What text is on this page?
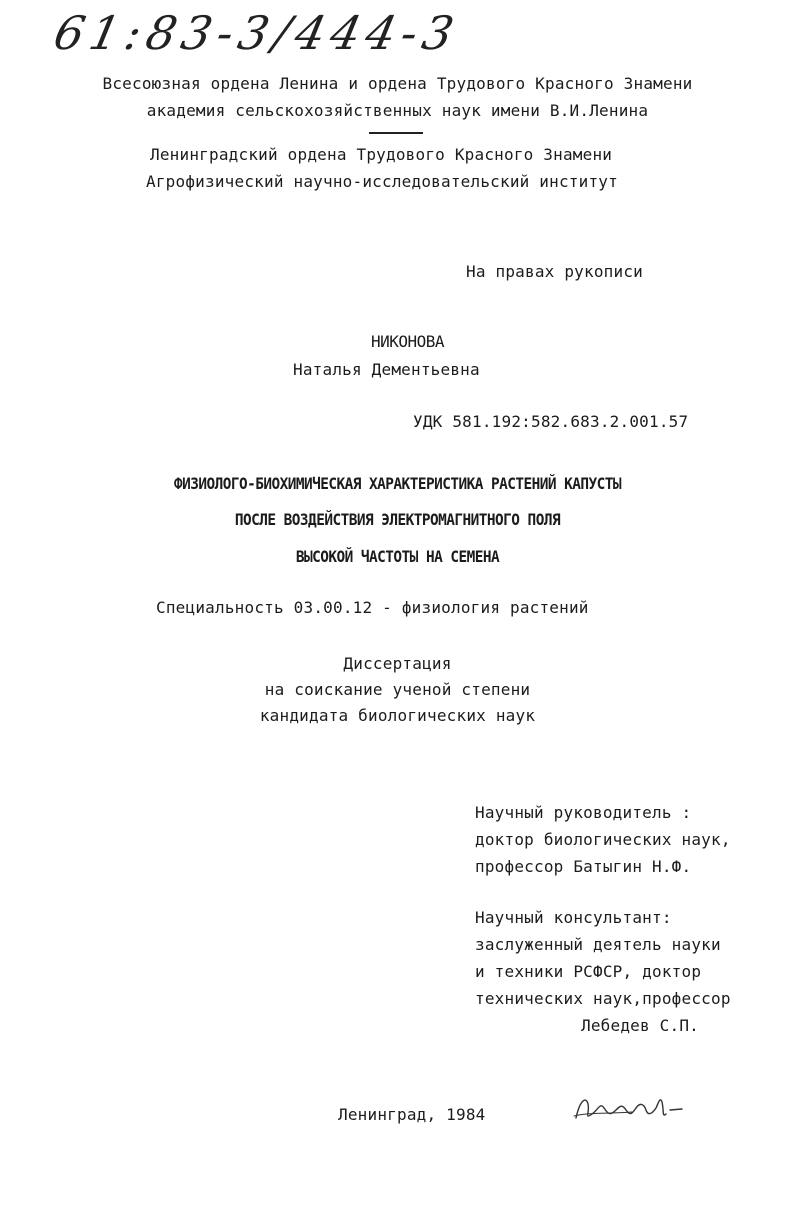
61:83-3/444-3
Всесоюзная ордена Ленина и ордена Трудового Красного Знамени
академия сельскохозяйственных наук имени В.И.Ленина
Ленинградский ордена Трудового Красного Знамени
Агрофизический научно-исследовательский институт
На правах рукописи
НИКОНОВА
Наталья Дементьевна
УДК 581.192:582.683.2.001.57
ФИЗИОЛОГО-БИОХИМИЧЕСКАЯ ХАРАКТЕРИСТИКА РАСТЕНИЙ КАПУСТЫ
ПОСЛЕ ВОЗДЕЙСТВИЯ ЭЛЕКТРОМАГНИТНОГО ПОЛЯ
ВЫСОКОЙ ЧАСТОТЫ НА СЕМЕНА
Специальность 03.00.12 - физиология растений
Диссертация
на соискание ученой степени
кандидата биологических наук
Научный руководитель :
доктор биологических наук,
профессор Батыгин Н.Ф.
Научный консультант:
заслуженный деятель науки
и техники РСФСР, доктор
технических наук,профессор
Лебедев С.П.
Ленинград, 1984
